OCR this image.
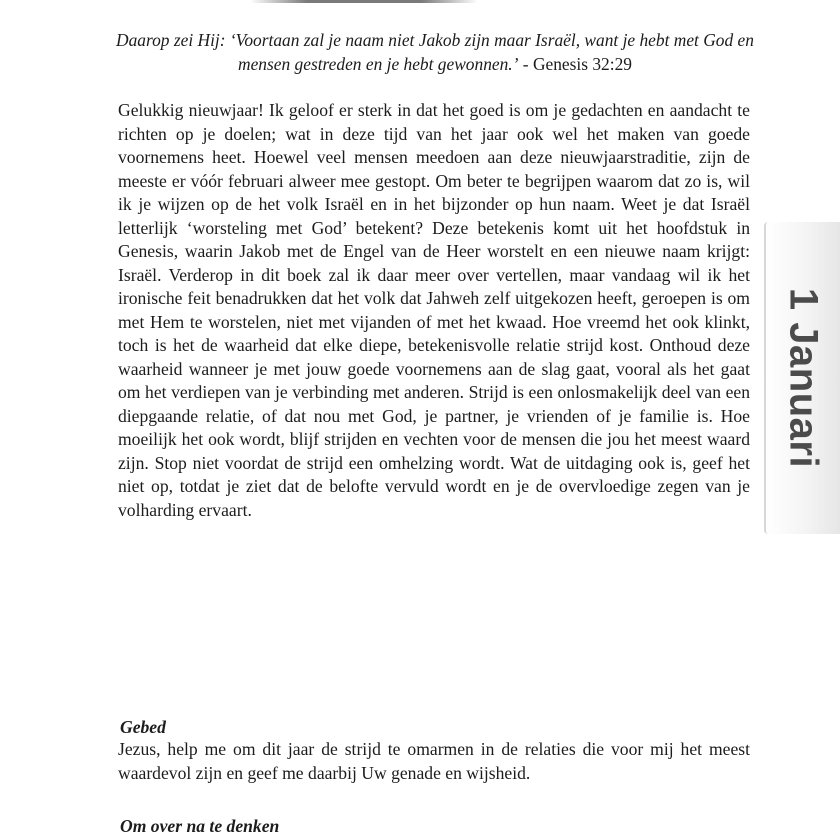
Daarop zei Hij: ‘Voortaan zal je naam niet Jakob zijn maar Israël, want je hebt met God en mensen gestreden en je hebt gewonnen.’ - Genesis 32:29

Gelukkig nieuwjaar! Ik geloof er sterk in dat het goed is om je gedachten en aandacht te richten op je doelen; wat in deze tijd van het jaar ook wel het maken van goede voornemens heet. Hoewel veel mensen meedoen aan deze nieuwjaarstraditie, zijn de meeste er vóór februari alweer mee gestopt. Om beter te begrijpen waarom dat zo is, wil ik je wijzen op de het volk Israël en in het bijzonder op hun naam. Weet je dat Israël letterlijk ‘worsteling met God’ betekent? Deze betekenis komt uit het hoofdstuk in Genesis, waarin Jakob met de Engel van de Heer worstelt en een nieuwe naam krijgt: Israël. Verderop in dit boek zal ik daar meer over vertellen, maar vandaag wil ik het ironische feit benadrukken dat het volk dat Jahweh zelf uitgekozen heeft, geroepen is om met Hem te worstelen, niet met vijanden of met het kwaad. Hoe vreemd het ook klinkt, toch is het de waarheid dat elke diepe, betekenisvolle relatie strijd kost. Onthoud deze waarheid wanneer je met jouw goede voornemens aan de slag gaat, vooral als het gaat om het verdiepen van je verbinding met anderen. Strijd is een onlosmakelijk deel van een diepgaande relatie, of dat nou met God, je partner, je vrienden of je familie is. Hoe moeilijk het ook wordt, blijf strijden en vechten voor de mensen die jou het meest waard zijn. Stop niet voordat de strijd een omhelzing wordt. Wat de uitdaging ook is, geef het niet op, totdat je ziet dat de belofte vervuld wordt en je de overvloedige zegen van je volharding ervaart.

1 Januari
Gebed

Jezus, help me om dit jaar de strijd te omarmen in de relaties die voor mij het meest waardevol zijn en geef me daarbij Uw genade en wijsheid.

Om over na te denken
